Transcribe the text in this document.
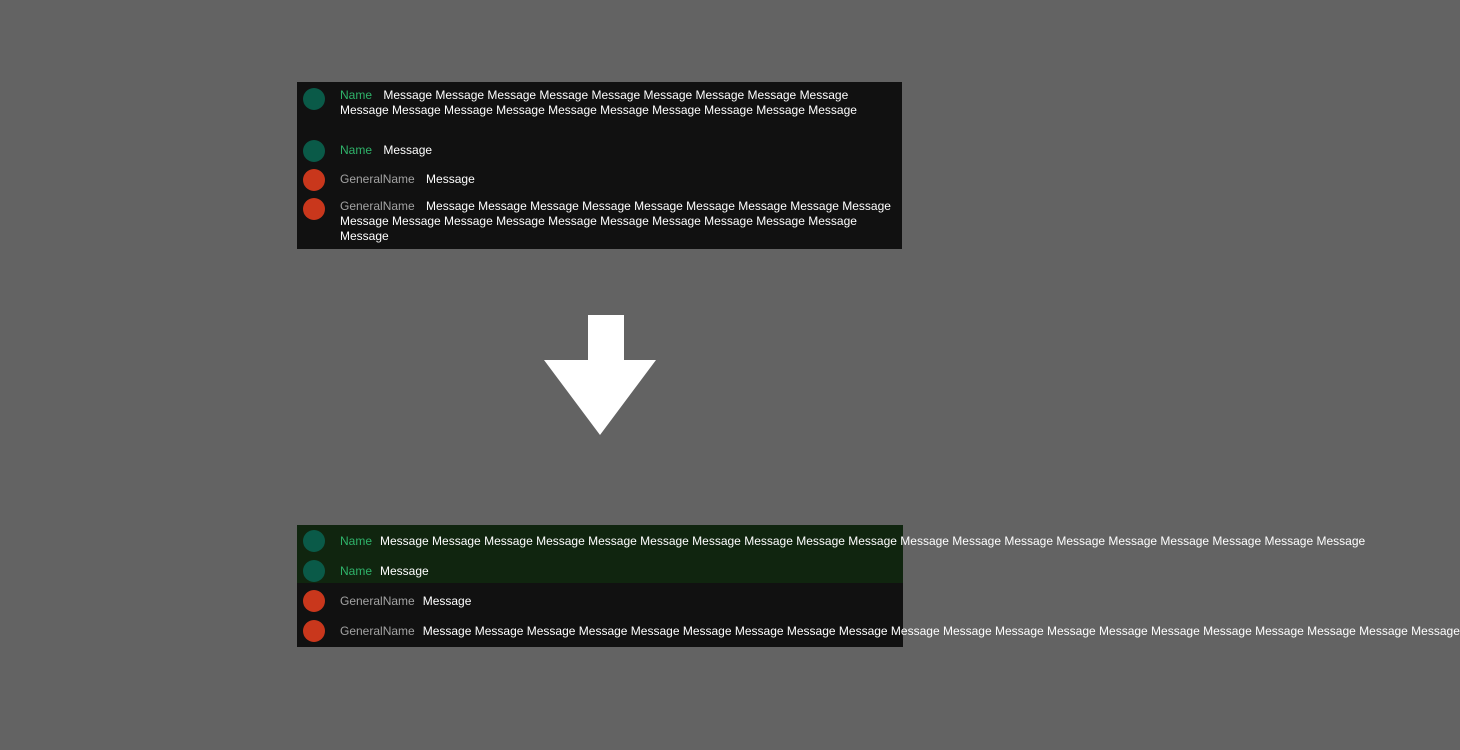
Name Message Message Message Message Message Message Message Message Message Message Message Message Message Message Message Message Message Message Message
Name Message
GeneralName Message
GeneralName Message Message Message Message Message Message Message Message Message Message Message Message Message Message Message Message Message Message Message Message
Name Message Message Message Message Message Message Message Message Message Message Message Message Message Message Message Message Message Message Message
Name Message
GeneralName Message
GeneralName Message Message Message Message Message Message Message Message Message Message Message Message Message Message Message Message Message Message Message Message
